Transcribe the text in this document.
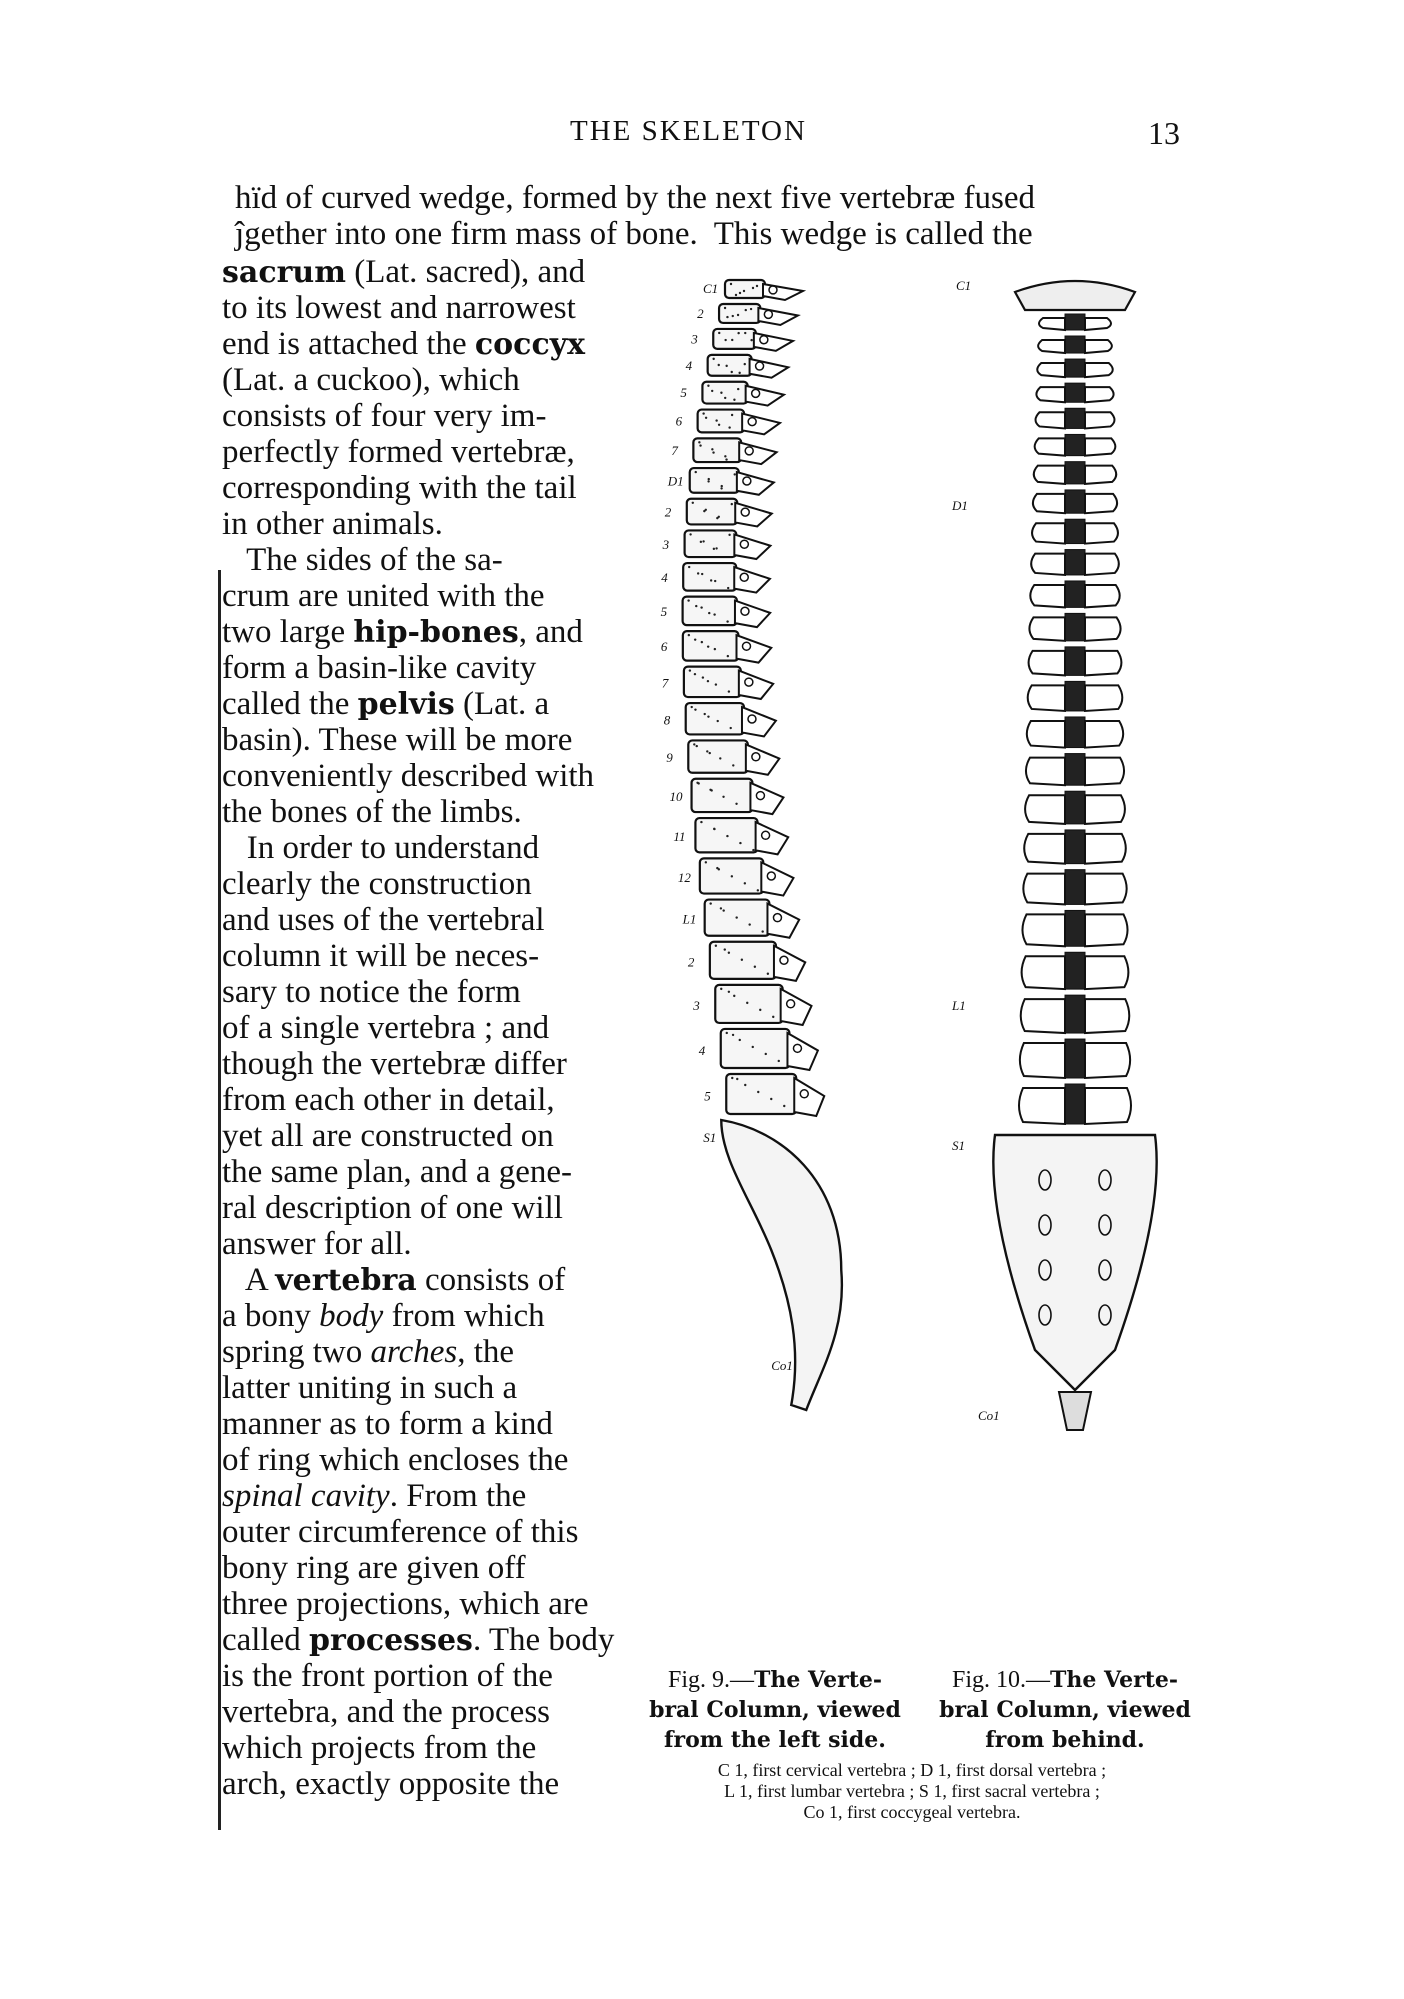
THE SKELETON	13
hїd of curved wedge, formed by the next five vertebræ fused
ĵgether into one firm mass of bone.  This wedge is called the
sacrum (Lat. sacred), and
to its lowest and narrowest
end is attached the coccyx
(Lat. a cuckoo), which
consists of four very im-
perfectly formed vertebræ,
corresponding with the tail
in other animals.
The sides of the sa-
crum are united with the
two large hip-bones, and
form a basin-like cavity
called the pelvis (Lat. a
basin). These will be more
conveniently described with
the bones of the limbs.
In order to understand
clearly the construction
and uses of the vertebral
column it will be neces-
sary to notice the form
of a single vertebra ; and
though the vertebræ differ
from each other in detail,
yet all are constructed on
the same plan, and a gene-
ral description of one will
answer for all.
A vertebra consists of
a bony body from which
spring two arches, the
latter uniting in such a
manner as to form a kind
of ring which encloses the
spinal cavity. From the
outer circumference of this
bony ring are given off
three projections, which are
called processes. The body
is the front portion of the
vertebra, and the process
which projects from the
arch, exactly opposite the
C1
2
3
4
5
6
7
D1
2
3
4
5
6
7
8
9
10
11
12
L1
2
3
4
5
S1
Co1
C1
D1
L1
S1
Co1
Fig. 9.—The Verte-
bral Column, viewed
from the left side.
Fig. 10.—The Verte-
bral Column, viewed
from behind.
C 1, first cervical vertebra ; D 1, first dorsal vertebra ;
L 1, first lumbar vertebra ; S 1, first sacral vertebra ;
Co 1, first coccygeal vertebra.
